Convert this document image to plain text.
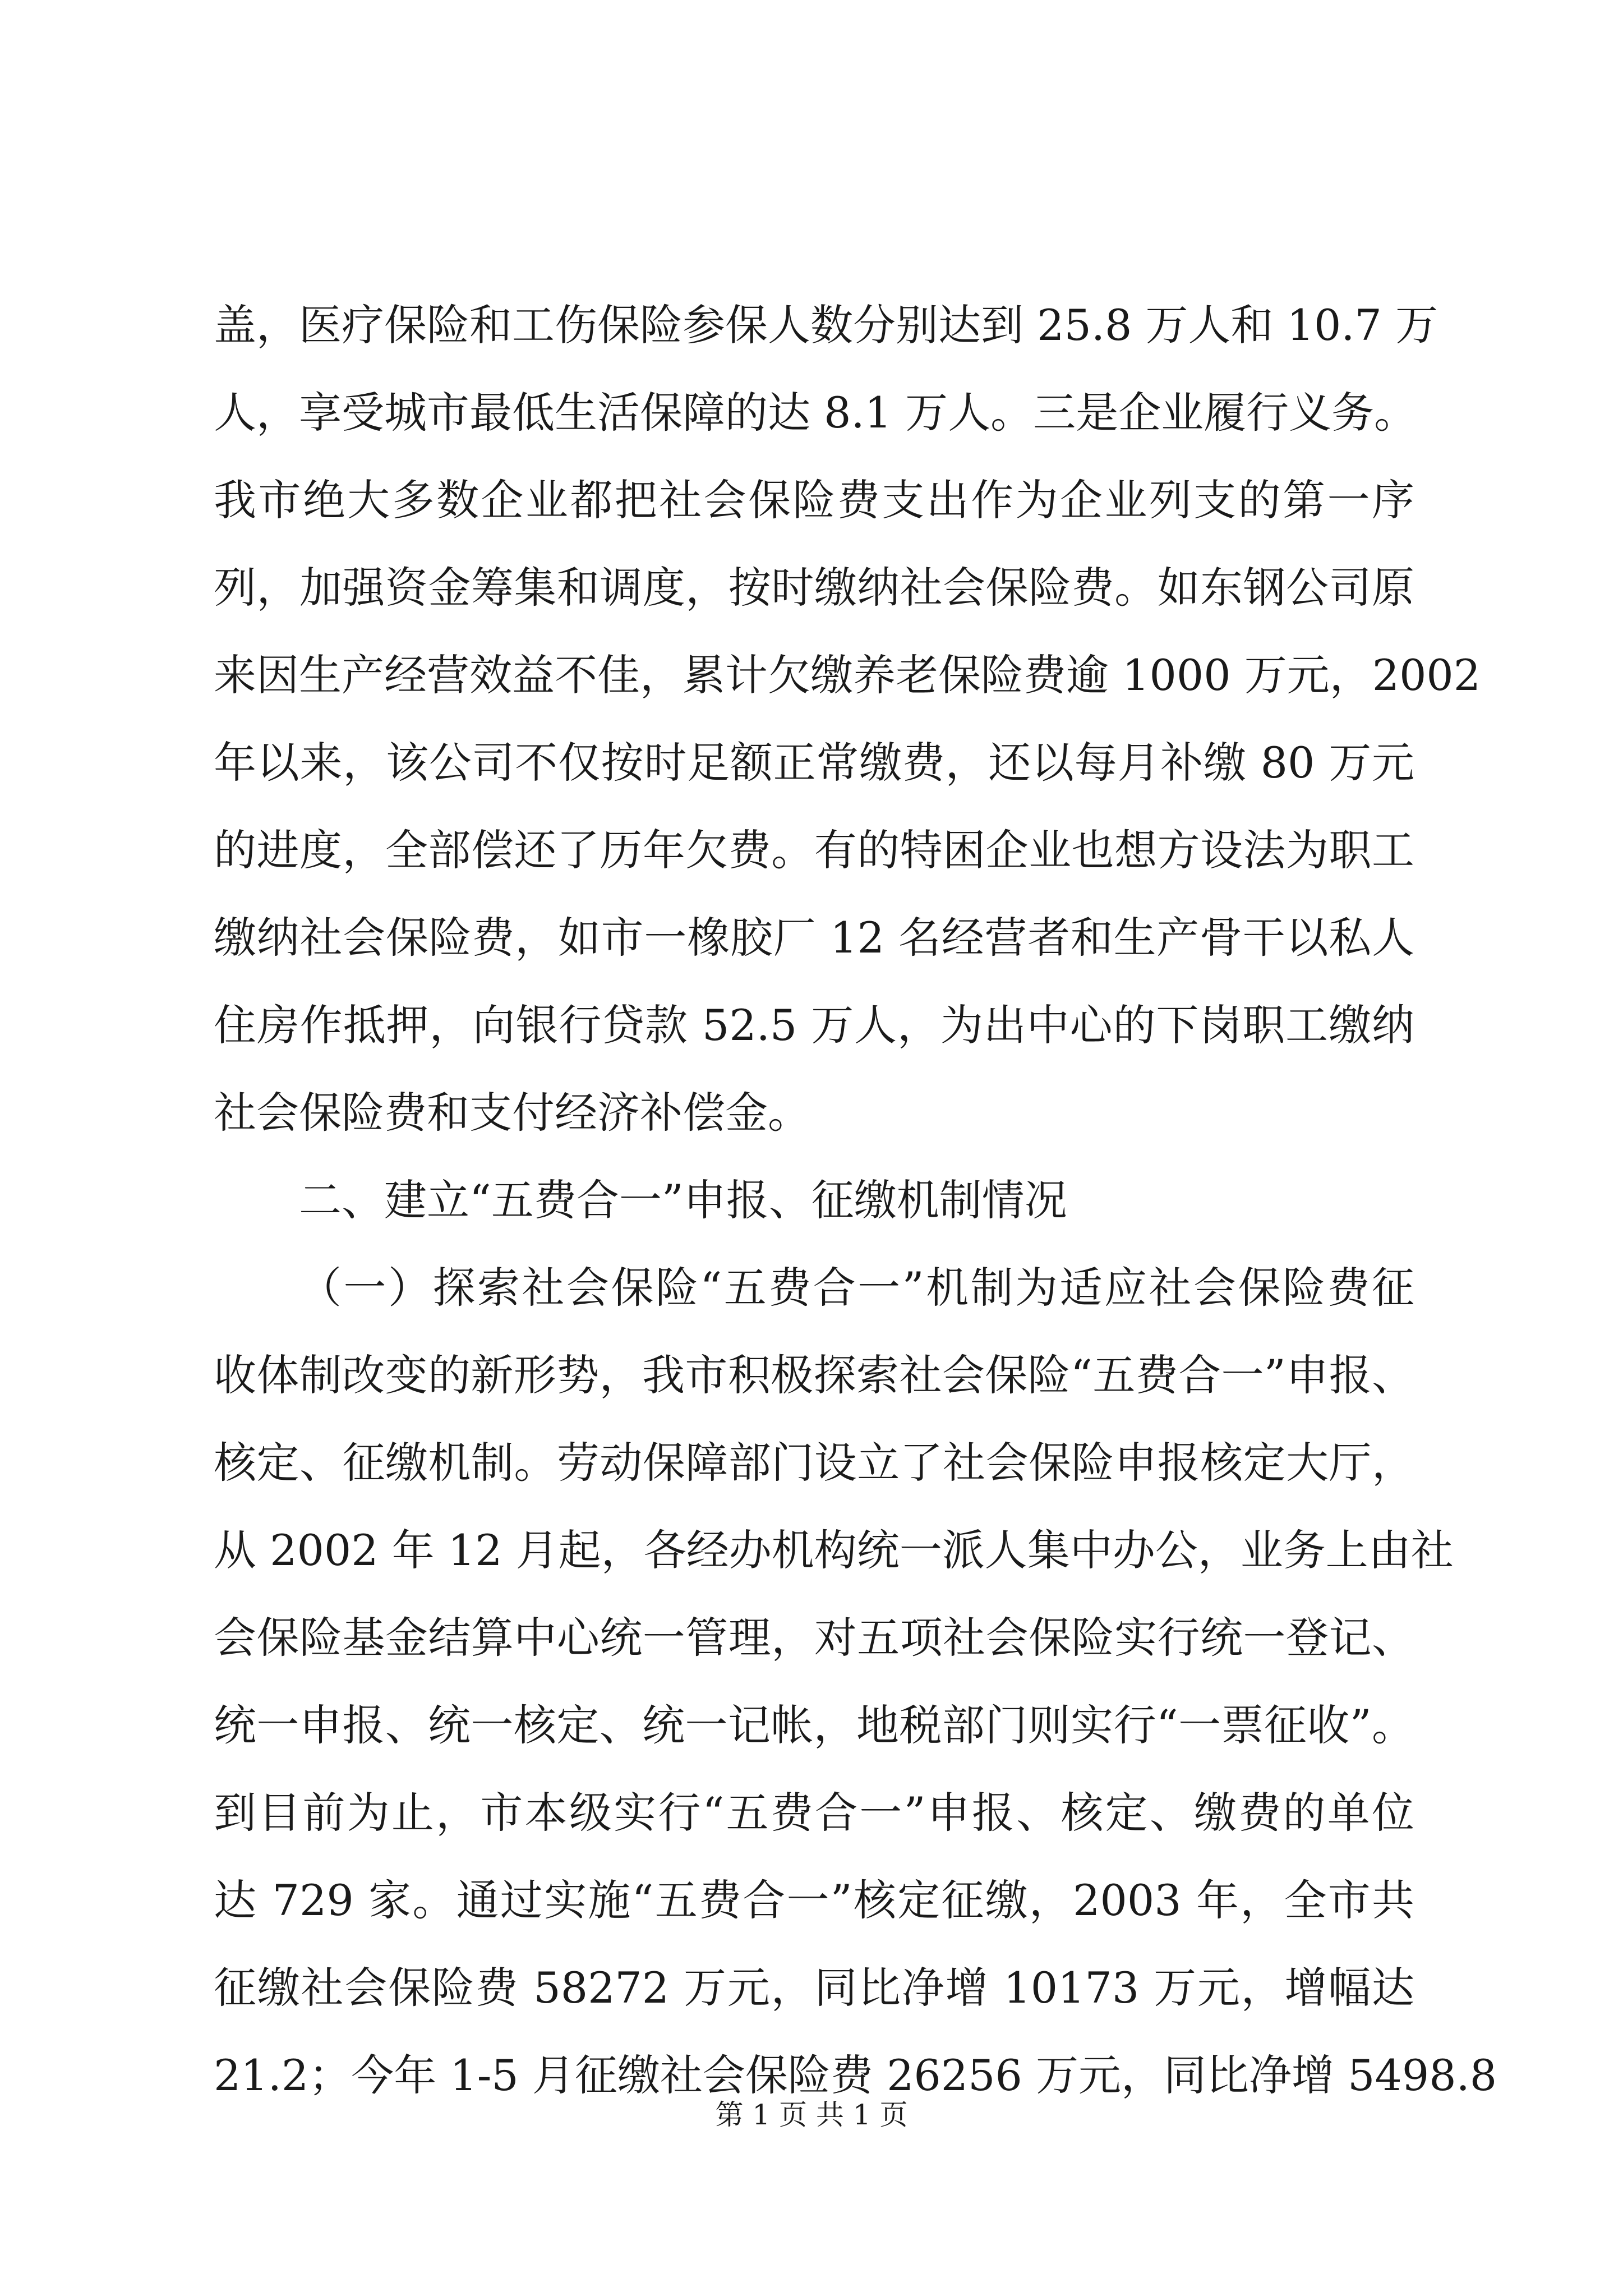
盖，医疗保险和工伤保险参保人数分别达到 25.8 万人和 10.7 万
人，享受城市最低生活保障的达 8.1 万人。三是企业履行义务。
我市绝大多数企业都把社会保险费支出作为企业列支的第一序
列，加强资金筹集和调度，按时缴纳社会保险费。如东钢公司原
来因生产经营效益不佳，累计欠缴养老保险费逾 1000 万元，2002
年以来，该公司不仅按时足额正常缴费，还以每月补缴 80 万元
的进度，全部偿还了历年欠费。有的特困企业也想方设法为职工
缴纳社会保险费，如市一橡胶厂 12 名经营者和生产骨干以私人
住房作抵押，向银行贷款 52.5 万人，为出中心的下岗职工缴纳
社会保险费和支付经济补偿金。
二、建立“五费合一”申报、征缴机制情况
（一）探索社会保险“五费合一”机制为适应社会保险费征
收体制改变的新形势，我市积极探索社会保险“五费合一”申报、
核定、征缴机制。劳动保障部门设立了社会保险申报核定大厅，
从 2002 年 12 月起，各经办机构统一派人集中办公，业务上由社
会保险基金结算中心统一管理，对五项社会保险实行统一登记、
统一申报、统一核定、统一记帐，地税部门则实行“一票征收”。
到目前为止，市本级实行“五费合一”申报、核定、缴费的单位
达 729 家。通过实施“五费合一”核定征缴，2003 年，全市共
征缴社会保险费 58272 万元，同比净增 10173 万元，增幅达
21.2；今年 1-5 月征缴社会保险费 26256 万元，同比净增 5498.8
第 1 页 共 1 页
